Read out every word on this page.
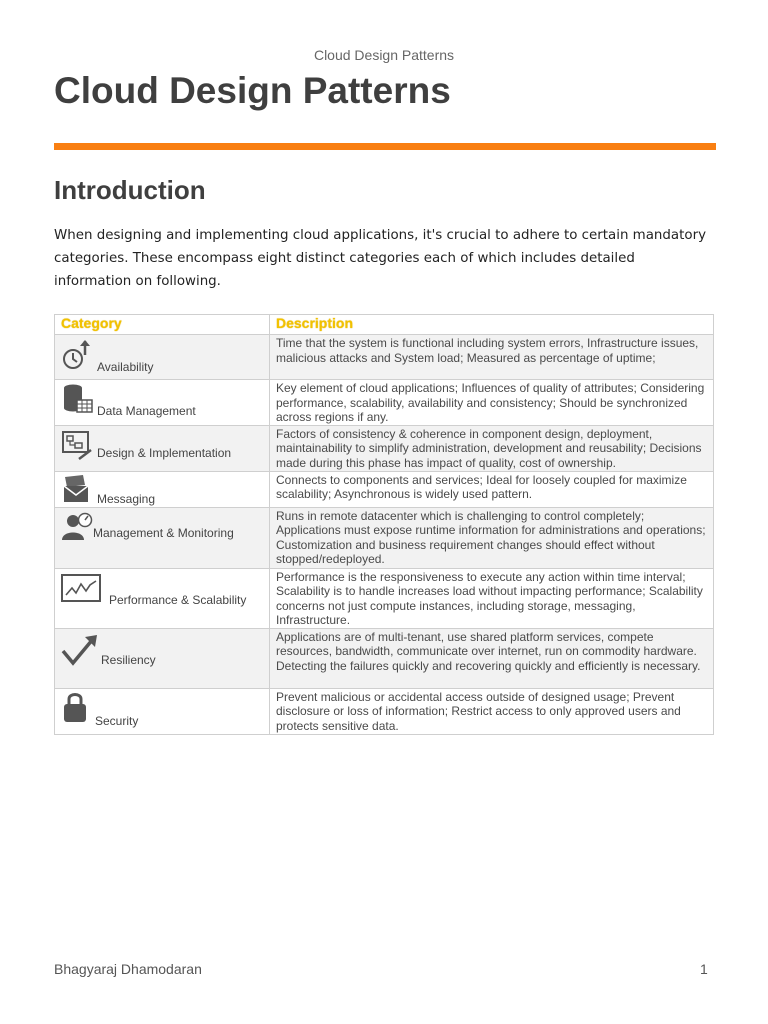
Cloud Design Patterns
Cloud Design Patterns
Introduction

When designing and implementing cloud applications, it's crucial to adhere to certain mandatory categories. These encompass eight distinct categories each of which includes detailed information on following.

Category	Description

Availability	Time that the system is functional including system errors, Infrastructure issues, malicious attacks and System load; Measured as percentage of uptime;

Data Management	Key element of cloud applications; Influences of quality of attributes; Considering performance, scalability, availability and consistency; Should be synchronized across regions if any.

Design & Implementation	Factors of consistency & coherence in component design, deployment, maintainability to simplify administration, development and reusability; Decisions made during this phase has impact of quality, cost of ownership.

Messaging	Connects to components and services; Ideal for loosely coupled for maximize scalability; Asynchronous is widely used pattern.

Management & Monitoring	Runs in remote datacenter which is challenging to control completely; Applications must expose runtime information for administrations and operations; Customization and business requirement changes should effect without stopped/redeployed.

Performance & Scalability	Performance is the responsiveness to execute any action within time interval; Scalability is to handle increases load without impacting performance; Scalability concerns not just compute instances, including storage, messaging, Infrastructure.

Resiliency	Applications are of multi-tenant, use shared platform services, compete resources, bandwidth, communicate over internet, run on commodity hardware. Detecting the failures quickly and recovering quickly and efficiently is necessary.

Security	Prevent malicious or accidental access outside of designed usage; Prevent disclosure or loss of information; Restrict access to only approved users and protects sensitive data.
Bhagyaraj Dhamodaran	1
